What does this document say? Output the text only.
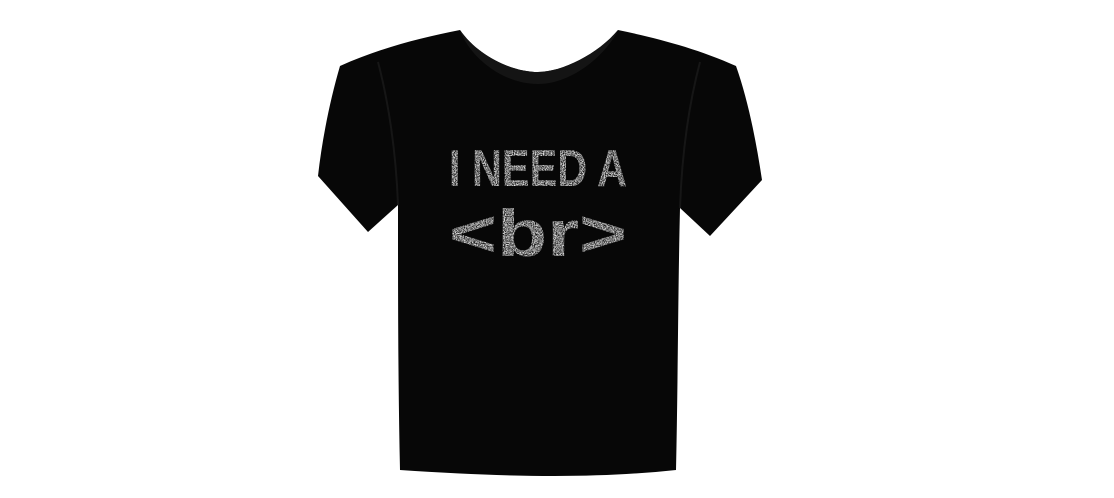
I NEED A
<br>
